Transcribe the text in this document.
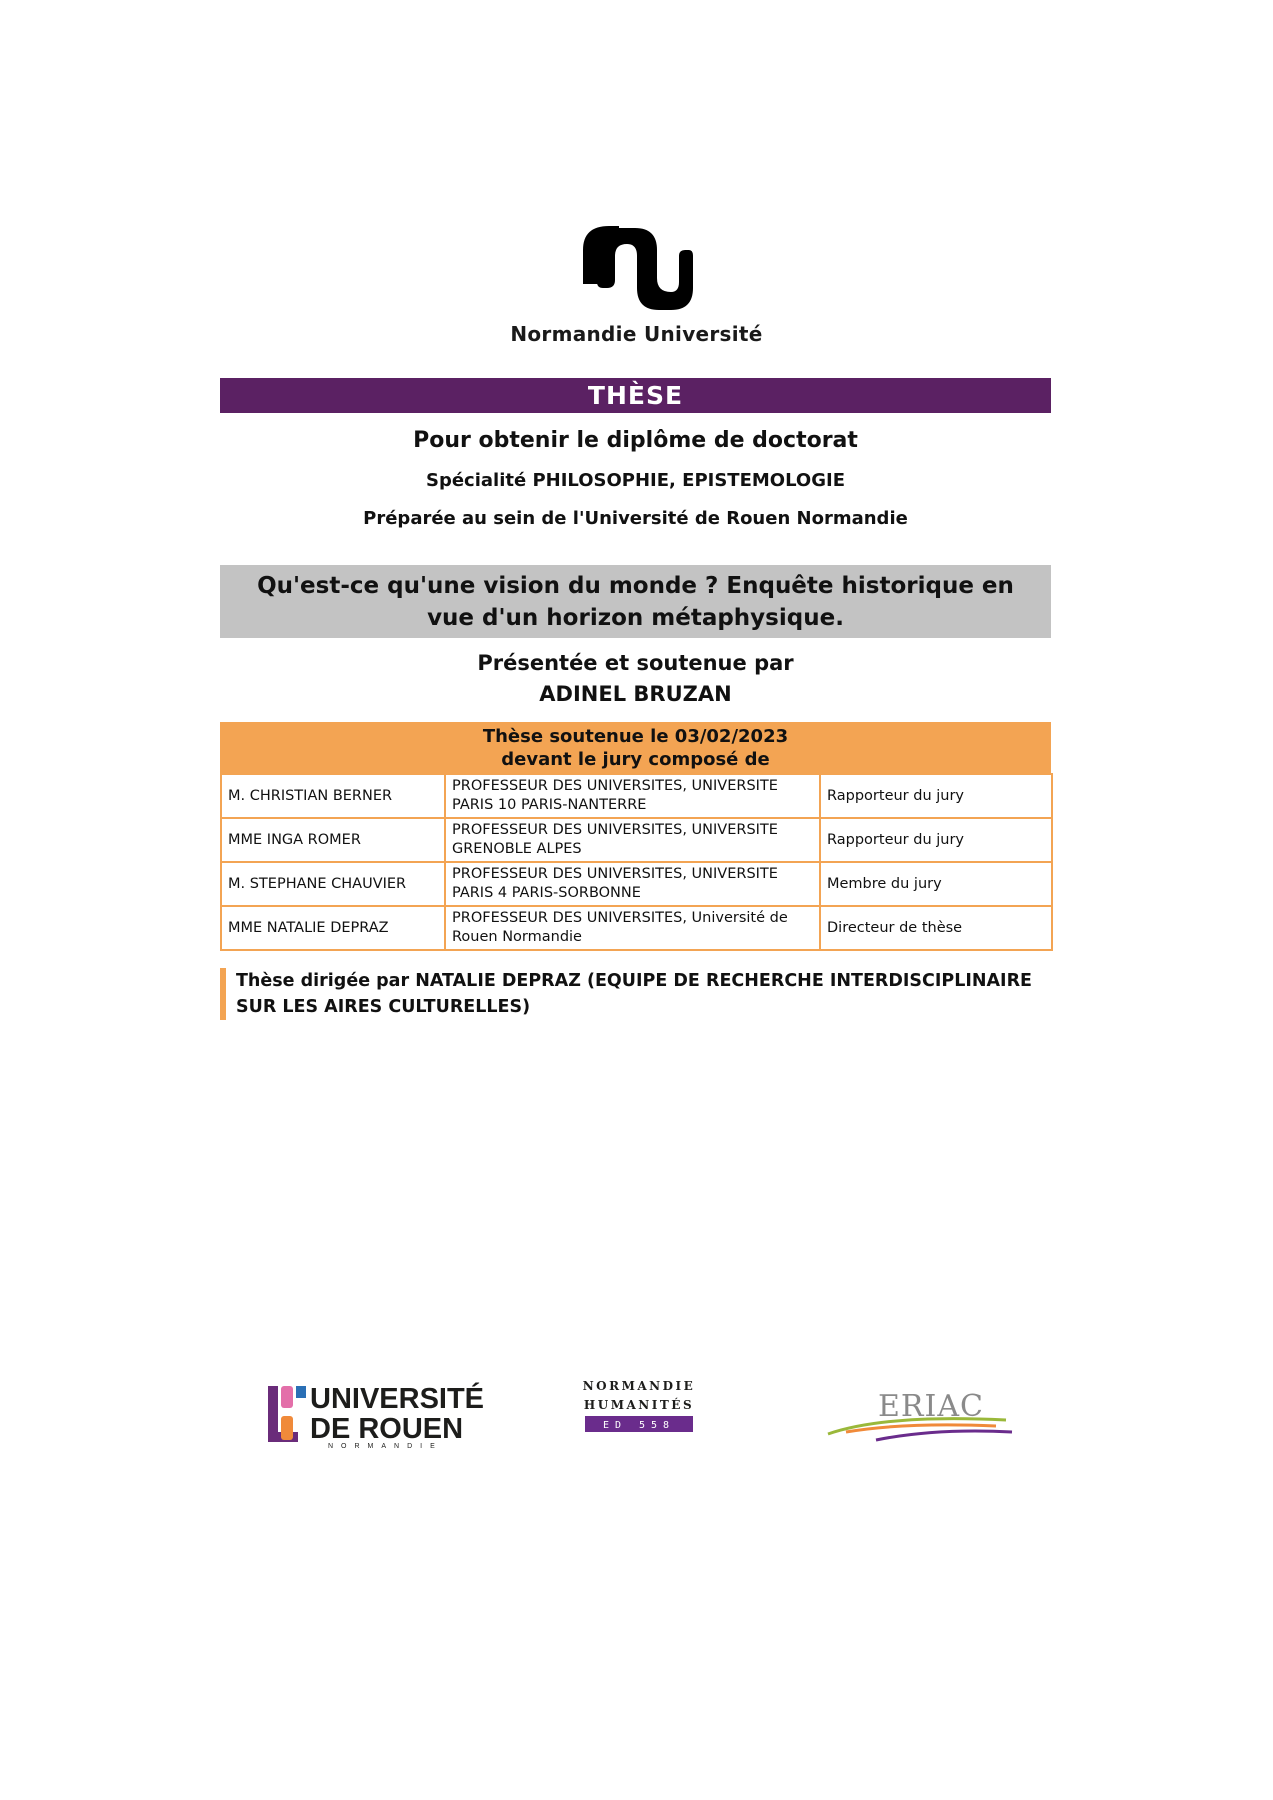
Normandie Université
THÈSE
Pour obtenir le diplôme de doctorat
Spécialité PHILOSOPHIE, EPISTEMOLOGIE
Préparée au sein de l'Université de Rouen Normandie
Qu'est-ce qu'une vision du monde ? Enquête historique en vue d'un horizon métaphysique.
Présentée et soutenue par
ADINEL BRUZAN
Thèse soutenue le 03/02/2023
devant le jury composé de
M. CHRISTIAN BERNER	PROFESSEUR DES UNIVERSITES, UNIVERSITE PARIS 10 PARIS-NANTERRE	Rapporteur du jury
MME INGA ROMER	PROFESSEUR DES UNIVERSITES, UNIVERSITE GRENOBLE ALPES	Rapporteur du jury
M. STEPHANE CHAUVIER	PROFESSEUR DES UNIVERSITES, UNIVERSITE PARIS 4 PARIS-SORBONNE	Membre du jury
MME NATALIE DEPRAZ	PROFESSEUR DES UNIVERSITES, Université de Rouen Normandie	Directeur de thèse
Thèse dirigée par NATALIE DEPRAZ (EQUIPE DE RECHERCHE INTERDISCIPLINAIRE SUR LES AIRES CULTURELLES)
UNIVERSITÉ
DE ROUEN
NORMANDIE
NORMANDIE
HUMANITÉS
ED 558
ERIAC
